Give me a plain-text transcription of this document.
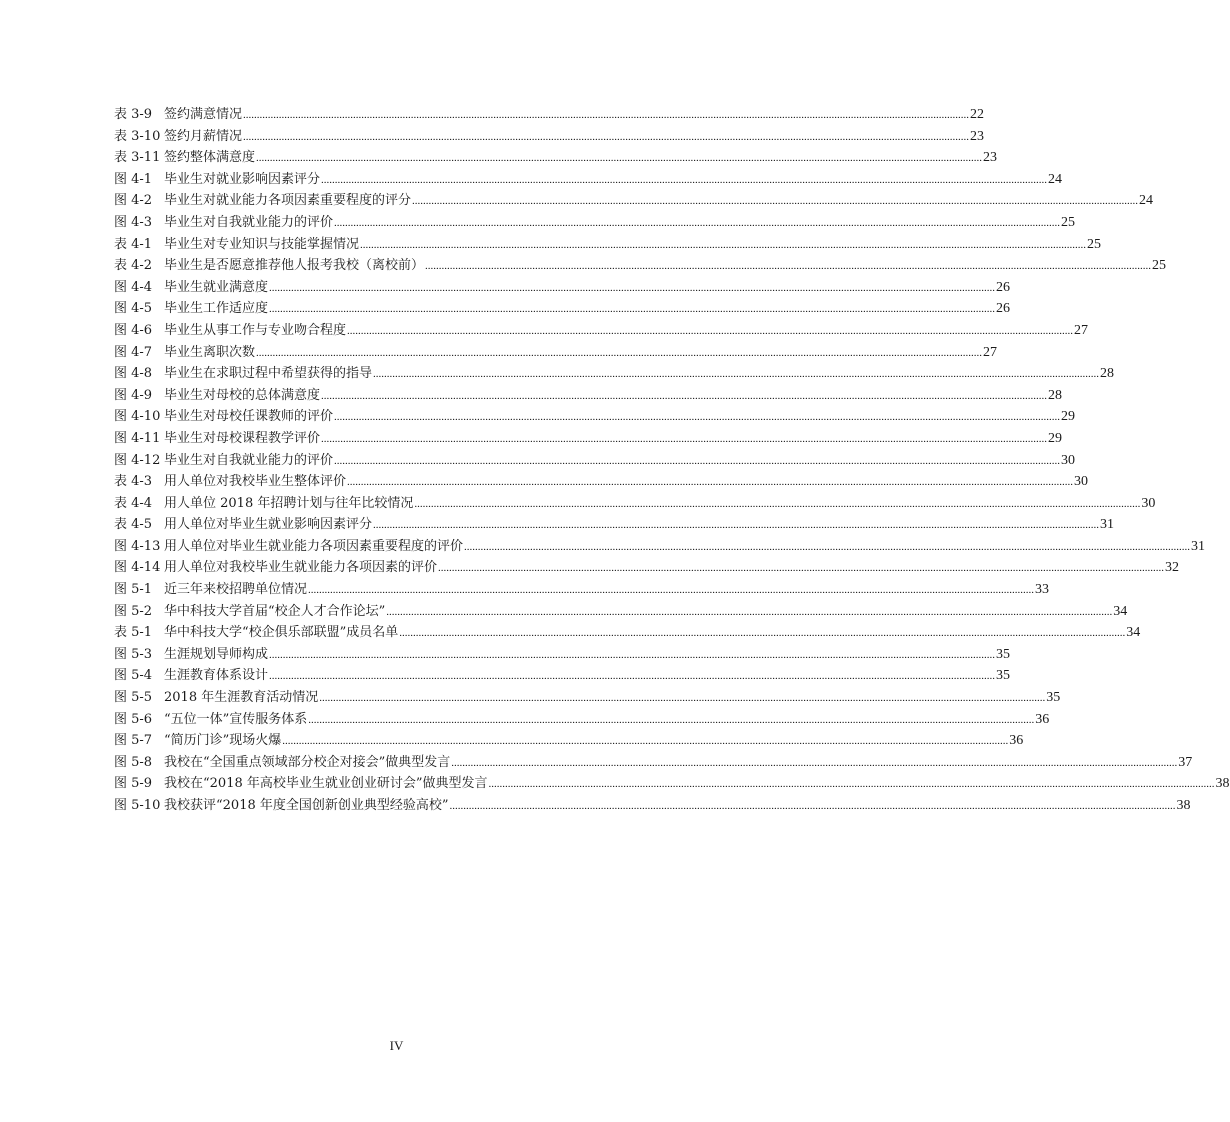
表 3-9 签约满意情况 .....	22
表 3-10 签约月薪情况 .....	23
表 3-11 签约整体满意度 .....	23
图 4-1 毕业生对就业影响因素评分 .....	24
图 4-2 毕业生对就业能力各项因素重要程度的评分 .....	24
图 4-3 毕业生对自我就业能力的评价 .....	25
表 4-1 毕业生对专业知识与技能掌握情况 .....	25
表 4-2 毕业生是否愿意推荐他人报考我校（离校前） .....	25
图 4-4 毕业生就业满意度 .....	26
图 4-5 毕业生工作适应度 .....	26
图 4-6 毕业生从事工作与专业吻合程度 .....	27
图 4-7 毕业生离职次数 .....	27
图 4-8 毕业生在求职过程中希望获得的指导 .....	28
图 4-9 毕业生对母校的总体满意度 .....	28
图 4-10 毕业生对母校任课教师的评价 .....	29
图 4-11 毕业生对母校课程教学评价 .....	29
图 4-12 毕业生对自我就业能力的评价 .....	30
表 4-3 用人单位对我校毕业生整体评价 .....	30
表 4-4 用人单位 2018 年招聘计划与往年比较情况 .....	30
表 4-5 用人单位对毕业生就业影响因素评分 .....	31
图 4-13 用人单位对毕业生就业能力各项因素重要程度的评价 .....	31
图 4-14 用人单位对我校毕业生就业能力各项因素的评价 .....	32
图 5-1 近三年来校招聘单位情况 .....	33
图 5-2 华中科技大学首届“校企人才合作论坛” .....	34
表 5-1 华中科技大学“校企俱乐部联盟”成员名单 .....	34
图 5-3 生涯规划导师构成 .....	35
图 5-4 生涯教育体系设计 .....	35
图 5-5 2018 年生涯教育活动情况 .....	35
图 5-6 “五位一体”宣传服务体系 .....	36
图 5-7 “简历门诊”现场火爆 .....	36
图 5-8 我校在“全国重点领域部分校企对接会”做典型发言 .....	37
图 5-9 我校在“2018 年高校毕业生就业创业研讨会”做典型发言 .....	38
图 5-10 我校获评“2018 年度全国创新创业典型经验高校” .....	38
IV
